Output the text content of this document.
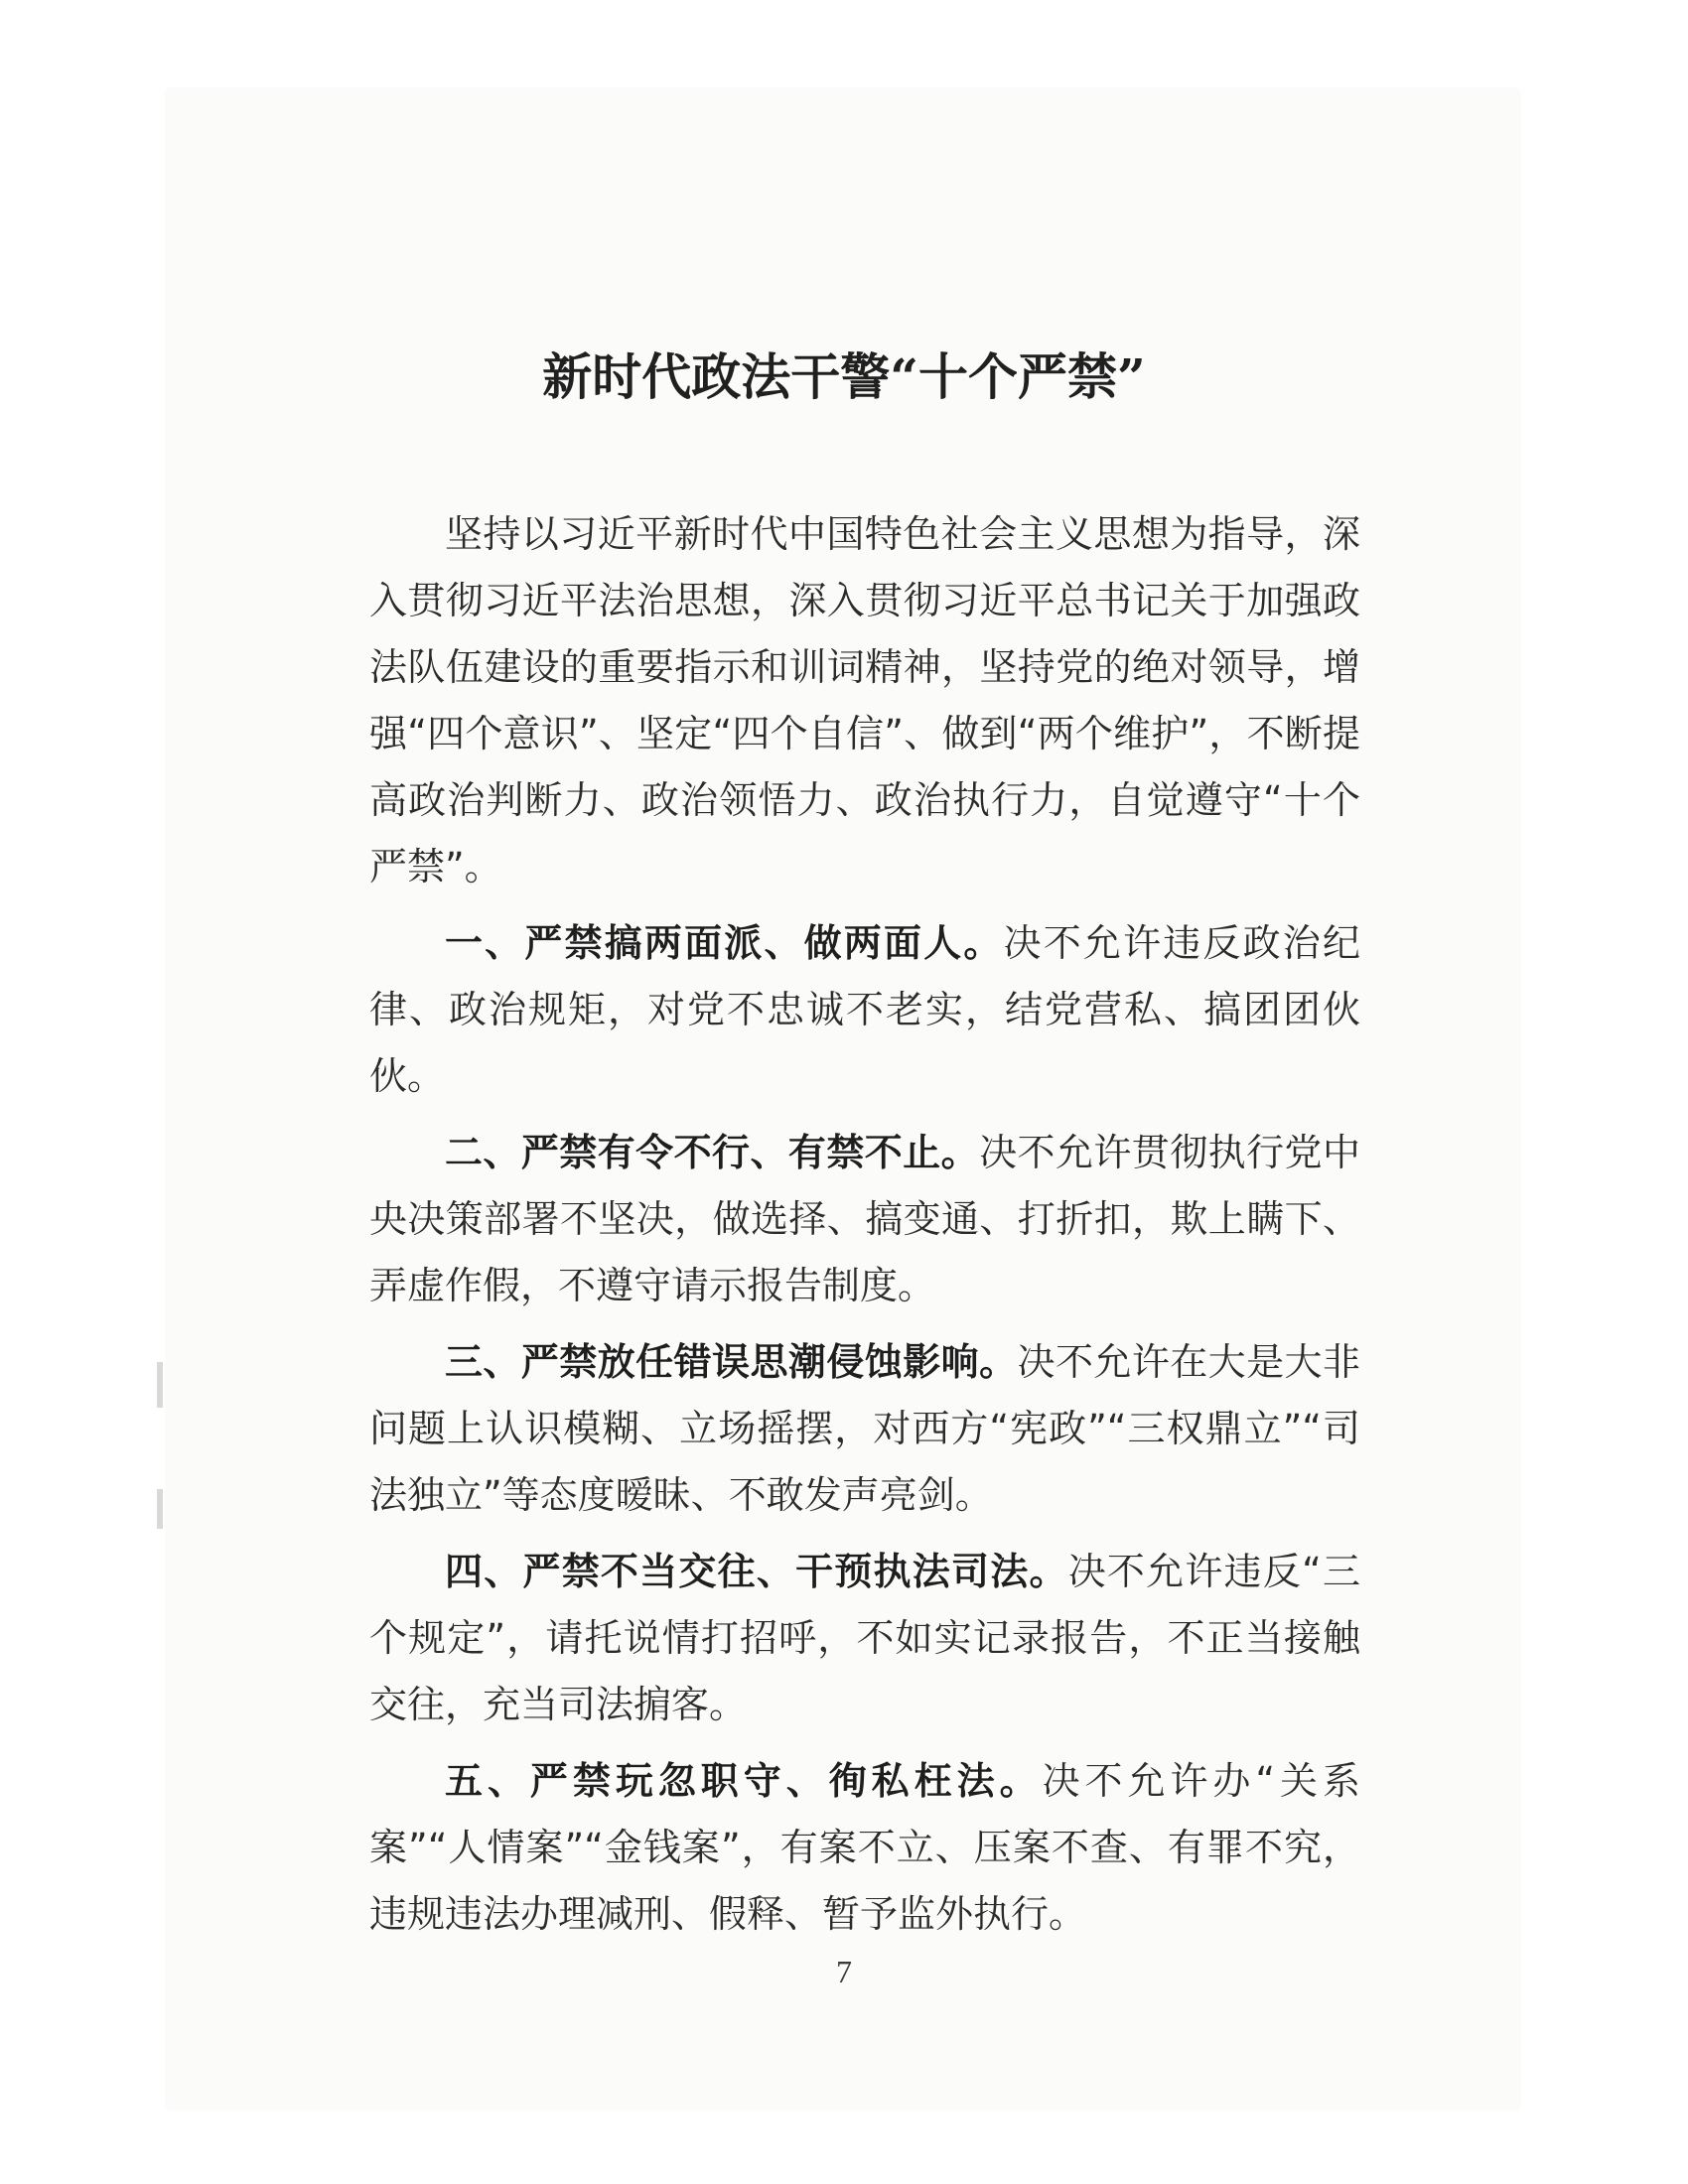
新时代政法干警“十个严禁”

坚持以习近平新时代中国特色社会主义思想为指导，深入贯彻习近平法治思想，深入贯彻习近平总书记关于加强政法队伍建设的重要指示和训词精神，坚持党的绝对领导，增强“四个意识”、坚定“四个自信”、做到“两个维护”，不断提高政治判断力、政治领悟力、政治执行力，自觉遵守“十个严禁”。

一、严禁搞两面派、做两面人。决不允许违反政治纪律、政治规矩，对党不忠诚不老实，结党营私、搞团团伙伙。

二、严禁有令不行、有禁不止。决不允许贯彻执行党中央决策部署不坚决，做选择、搞变通、打折扣，欺上瞒下、弄虚作假，不遵守请示报告制度。

三、严禁放任错误思潮侵蚀影响。决不允许在大是大非问题上认识模糊、立场摇摆，对西方“宪政”“三权鼎立”“司法独立”等态度暧昧、不敢发声亮剑。

四、严禁不当交往、干预执法司法。决不允许违反“三个规定”，请托说情打招呼，不如实记录报告，不正当接触交往，充当司法掮客。

五、严禁玩忽职守、徇私枉法。决不允许办“关系案”“人情案”“金钱案”，有案不立、压案不查、有罪不究，违规违法办理减刑、假释、暂予监外执行。

7
